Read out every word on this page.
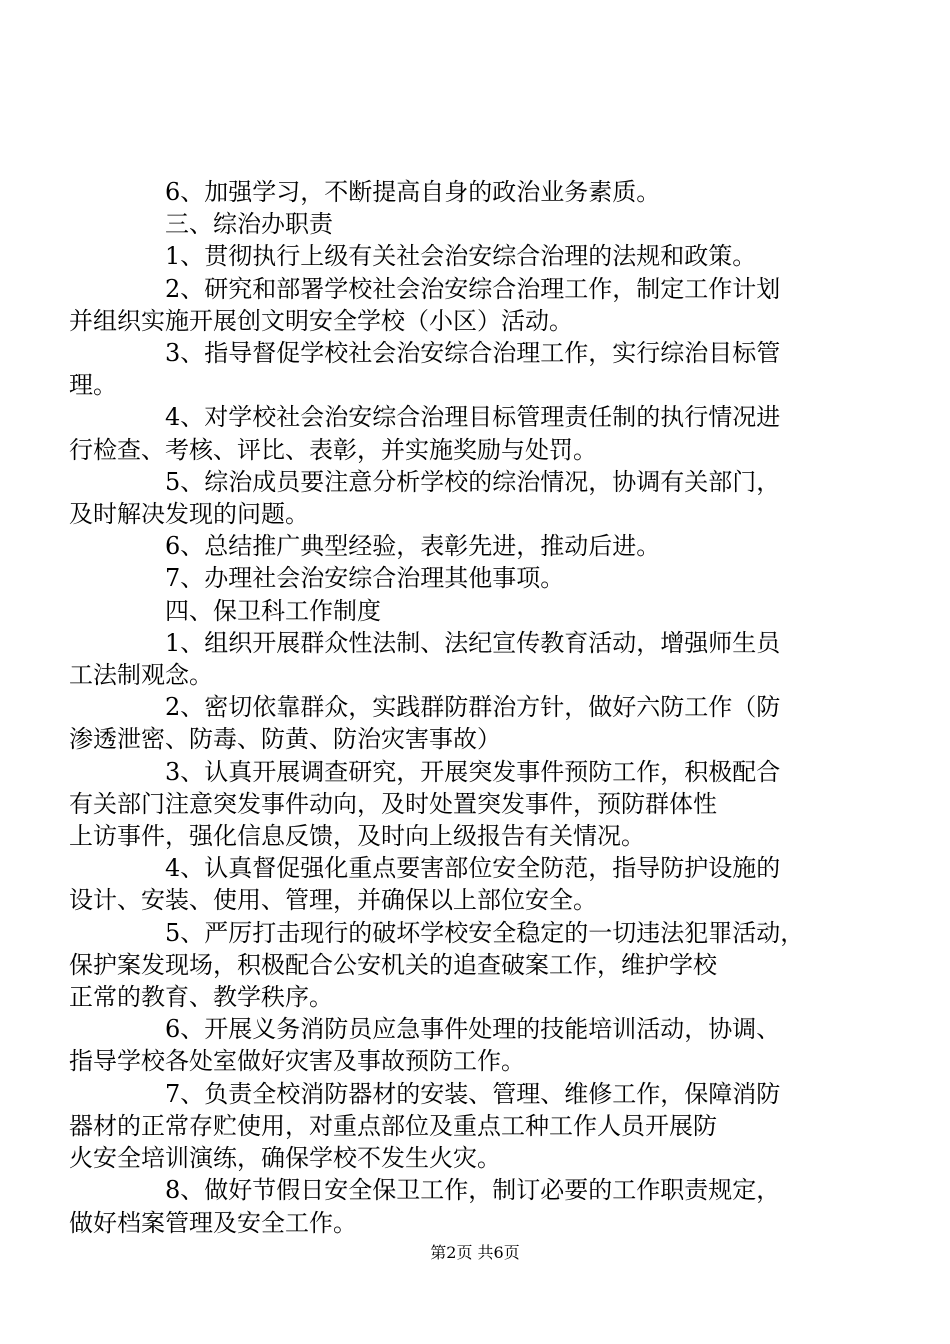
6、加强学习，不断提高自身的政治业务素质。

三、综治办职责

1、贯彻执行上级有关社会治安综合治理的法规和政策。

2、研究和部署学校社会治安综合治理工作，制定工作计划
并组织实施开展创文明安全学校（小区）活动。

3、指导督促学校社会治安综合治理工作，实行综治目标管
理。

4、对学校社会治安综合治理目标管理责任制的执行情况进
行检查、考核、评比、表彰，并实施奖励与处罚。

5、综治成员要注意分析学校的综治情况，协调有关部门，
及时解决发现的问题。

6、总结推广典型经验，表彰先进，推动后进。

7、办理社会治安综合治理其他事项。

四、保卫科工作制度

1、组织开展群众性法制、法纪宣传教育活动，增强师生员
工法制观念。

2、密切依靠群众，实践群防群治方针，做好六防工作（防
渗透泄密、防毒、防黄、防治灾害事故）

3、认真开展调查研究，开展突发事件预防工作，积极配合
有关部门注意突发事件动向，及时处置突发事件，预防群体性
上访事件，强化信息反馈，及时向上级报告有关情况。

4、认真督促强化重点要害部位安全防范，指导防护设施的
设计、安装、使用、管理，并确保以上部位安全。

5、严厉打击现行的破坏学校安全稳定的一切违法犯罪活动，
保护案发现场，积极配合公安机关的追查破案工作，维护学校
正常的教育、教学秩序。

6、开展义务消防员应急事件处理的技能培训活动，协调、
指导学校各处室做好灾害及事故预防工作。

7、负责全校消防器材的安装、管理、维修工作，保障消防
器材的正常存贮使用，对重点部位及重点工种工作人员开展防
火安全培训演练，确保学校不发生火灾。

8、做好节假日安全保卫工作，制订必要的工作职责规定，
做好档案管理及安全工作。

第2页 共6页
